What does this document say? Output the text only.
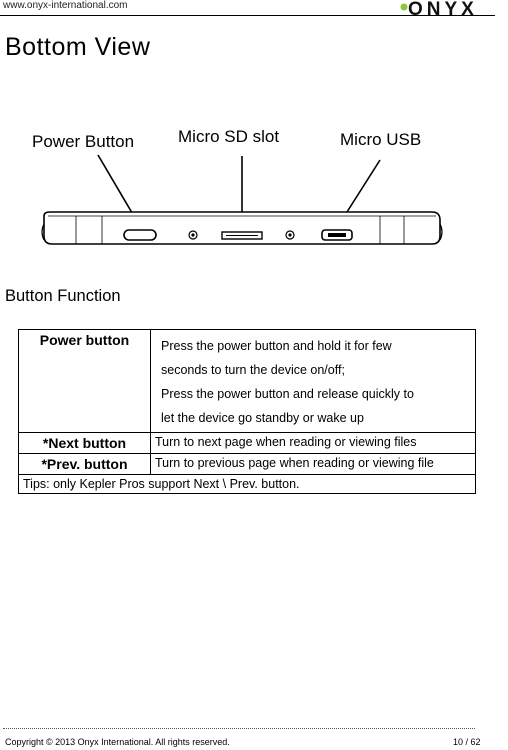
www.onyx-international.com	ONYX
Bottom View
Power Button	Micro SD slot	Micro USB
Button Function
Power button	Press the power button and hold it for few
seconds to turn the device on/off;
Press the power button and release quickly to
let the device go standby or wake up

*Next button	Turn to next page when reading or viewing files
*Prev. button	Turn to previous page when reading or viewing file
Tips: only Kepler Pros support Next \ Prev. button.	
Copyright © 2013 Onyx International. All rights reserved.	10 / 62
